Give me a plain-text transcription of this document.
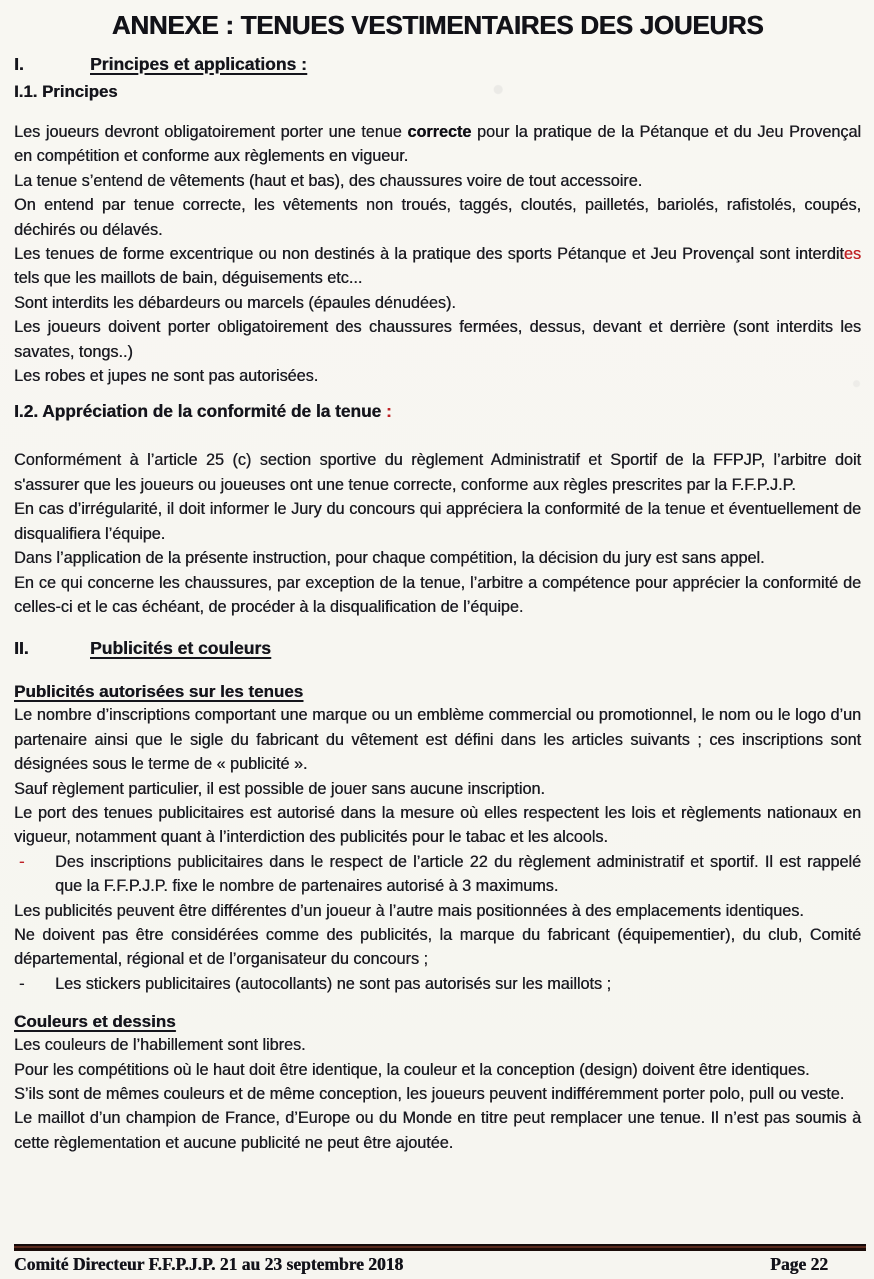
ANNEXE : TENUES VESTIMENTAIRES DES JOUEURS
I.	Principes et applications :
I.1. Principes

Les joueurs devront obligatoirement porter une tenue correcte pour la pratique de la Pétanque et du Jeu Provençal en compétition et conforme aux règlements en vigueur.

La tenue s’entend de vêtements (haut et bas), des chaussures voire de tout accessoire.

On entend par tenue correcte, les vêtements non troués, taggés, cloutés, pailletés, bariolés, rafistolés, coupés, déchirés ou délavés.

Les tenues de forme excentrique ou non destinés à la pratique des sports Pétanque et Jeu Provençal sont interdites tels que les maillots de bain, déguisements etc...

Sont interdits les débardeurs ou marcels (épaules dénudées).

Les joueurs doivent porter obligatoirement des chaussures fermées, dessus, devant et derrière (sont interdits les savates, tongs..)

Les robes et jupes ne sont pas autorisées.

I.2. Appréciation de la conformité de la tenue :

Conformément à l’article 25 (c) section sportive du règlement Administratif et Sportif de la FFPJP, l’arbitre doit s'assurer que les joueurs ou joueuses ont une tenue correcte, conforme aux règles prescrites par la F.F.P.J.P.

En cas d’irrégularité, il doit informer le Jury du concours qui appréciera la conformité de la tenue et éventuellement de disqualifiera l’équipe.

Dans l’application de la présente instruction, pour chaque compétition, la décision du jury est sans appel.

En ce qui concerne les chaussures, par exception de la tenue, l’arbitre a compétence pour apprécier la conformité de celles-ci et le cas échéant, de procéder à la disqualification de l’équipe.

II.	Publicités et couleurs
Publicités autorisées sur les tenues

Le nombre d’inscriptions comportant une marque ou un emblème commercial ou promotionnel, le nom ou le logo d’un partenaire ainsi que le sigle du fabricant du vêtement est défini dans les articles suivants ; ces inscriptions sont désignées sous le terme de « publicité ».

Sauf règlement particulier, il est possible de jouer sans aucune inscription.

Le port des tenues publicitaires est autorisé dans la mesure où elles respectent les lois et règlements nationaux en vigueur, notamment quant à l’interdiction des publicités pour le tabac et les alcools.

- Des inscriptions publicitaires dans le respect de l’article 22 du règlement administratif et sportif. Il est rappelé que la F.F.P.J.P. fixe le nombre de partenaires autorisé à 3 maximums.

Les publicités peuvent être différentes d’un joueur à l’autre mais positionnées à des emplacements identiques.

Ne doivent pas être considérées comme des publicités, la marque du fabricant (équipementier), du club, Comité départemental, régional et de l’organisateur du concours ;

- Les stickers publicitaires (autocollants) ne sont pas autorisés sur les maillots ;

Couleurs et dessins

Les couleurs de l’habillement sont libres.

Pour les compétitions où le haut doit être identique, la couleur et la conception (design) doivent être identiques.

S’ils sont de mêmes couleurs et de même conception, les joueurs peuvent indifféremment porter polo, pull ou veste.

Le maillot d’un champion de France, d’Europe ou du Monde en titre peut remplacer une tenue. Il n’est pas soumis à cette règlementation et aucune publicité ne peut être ajoutée.

Comité Directeur F.F.P.J.P. 21 au 23 septembre 2018	Page 22
